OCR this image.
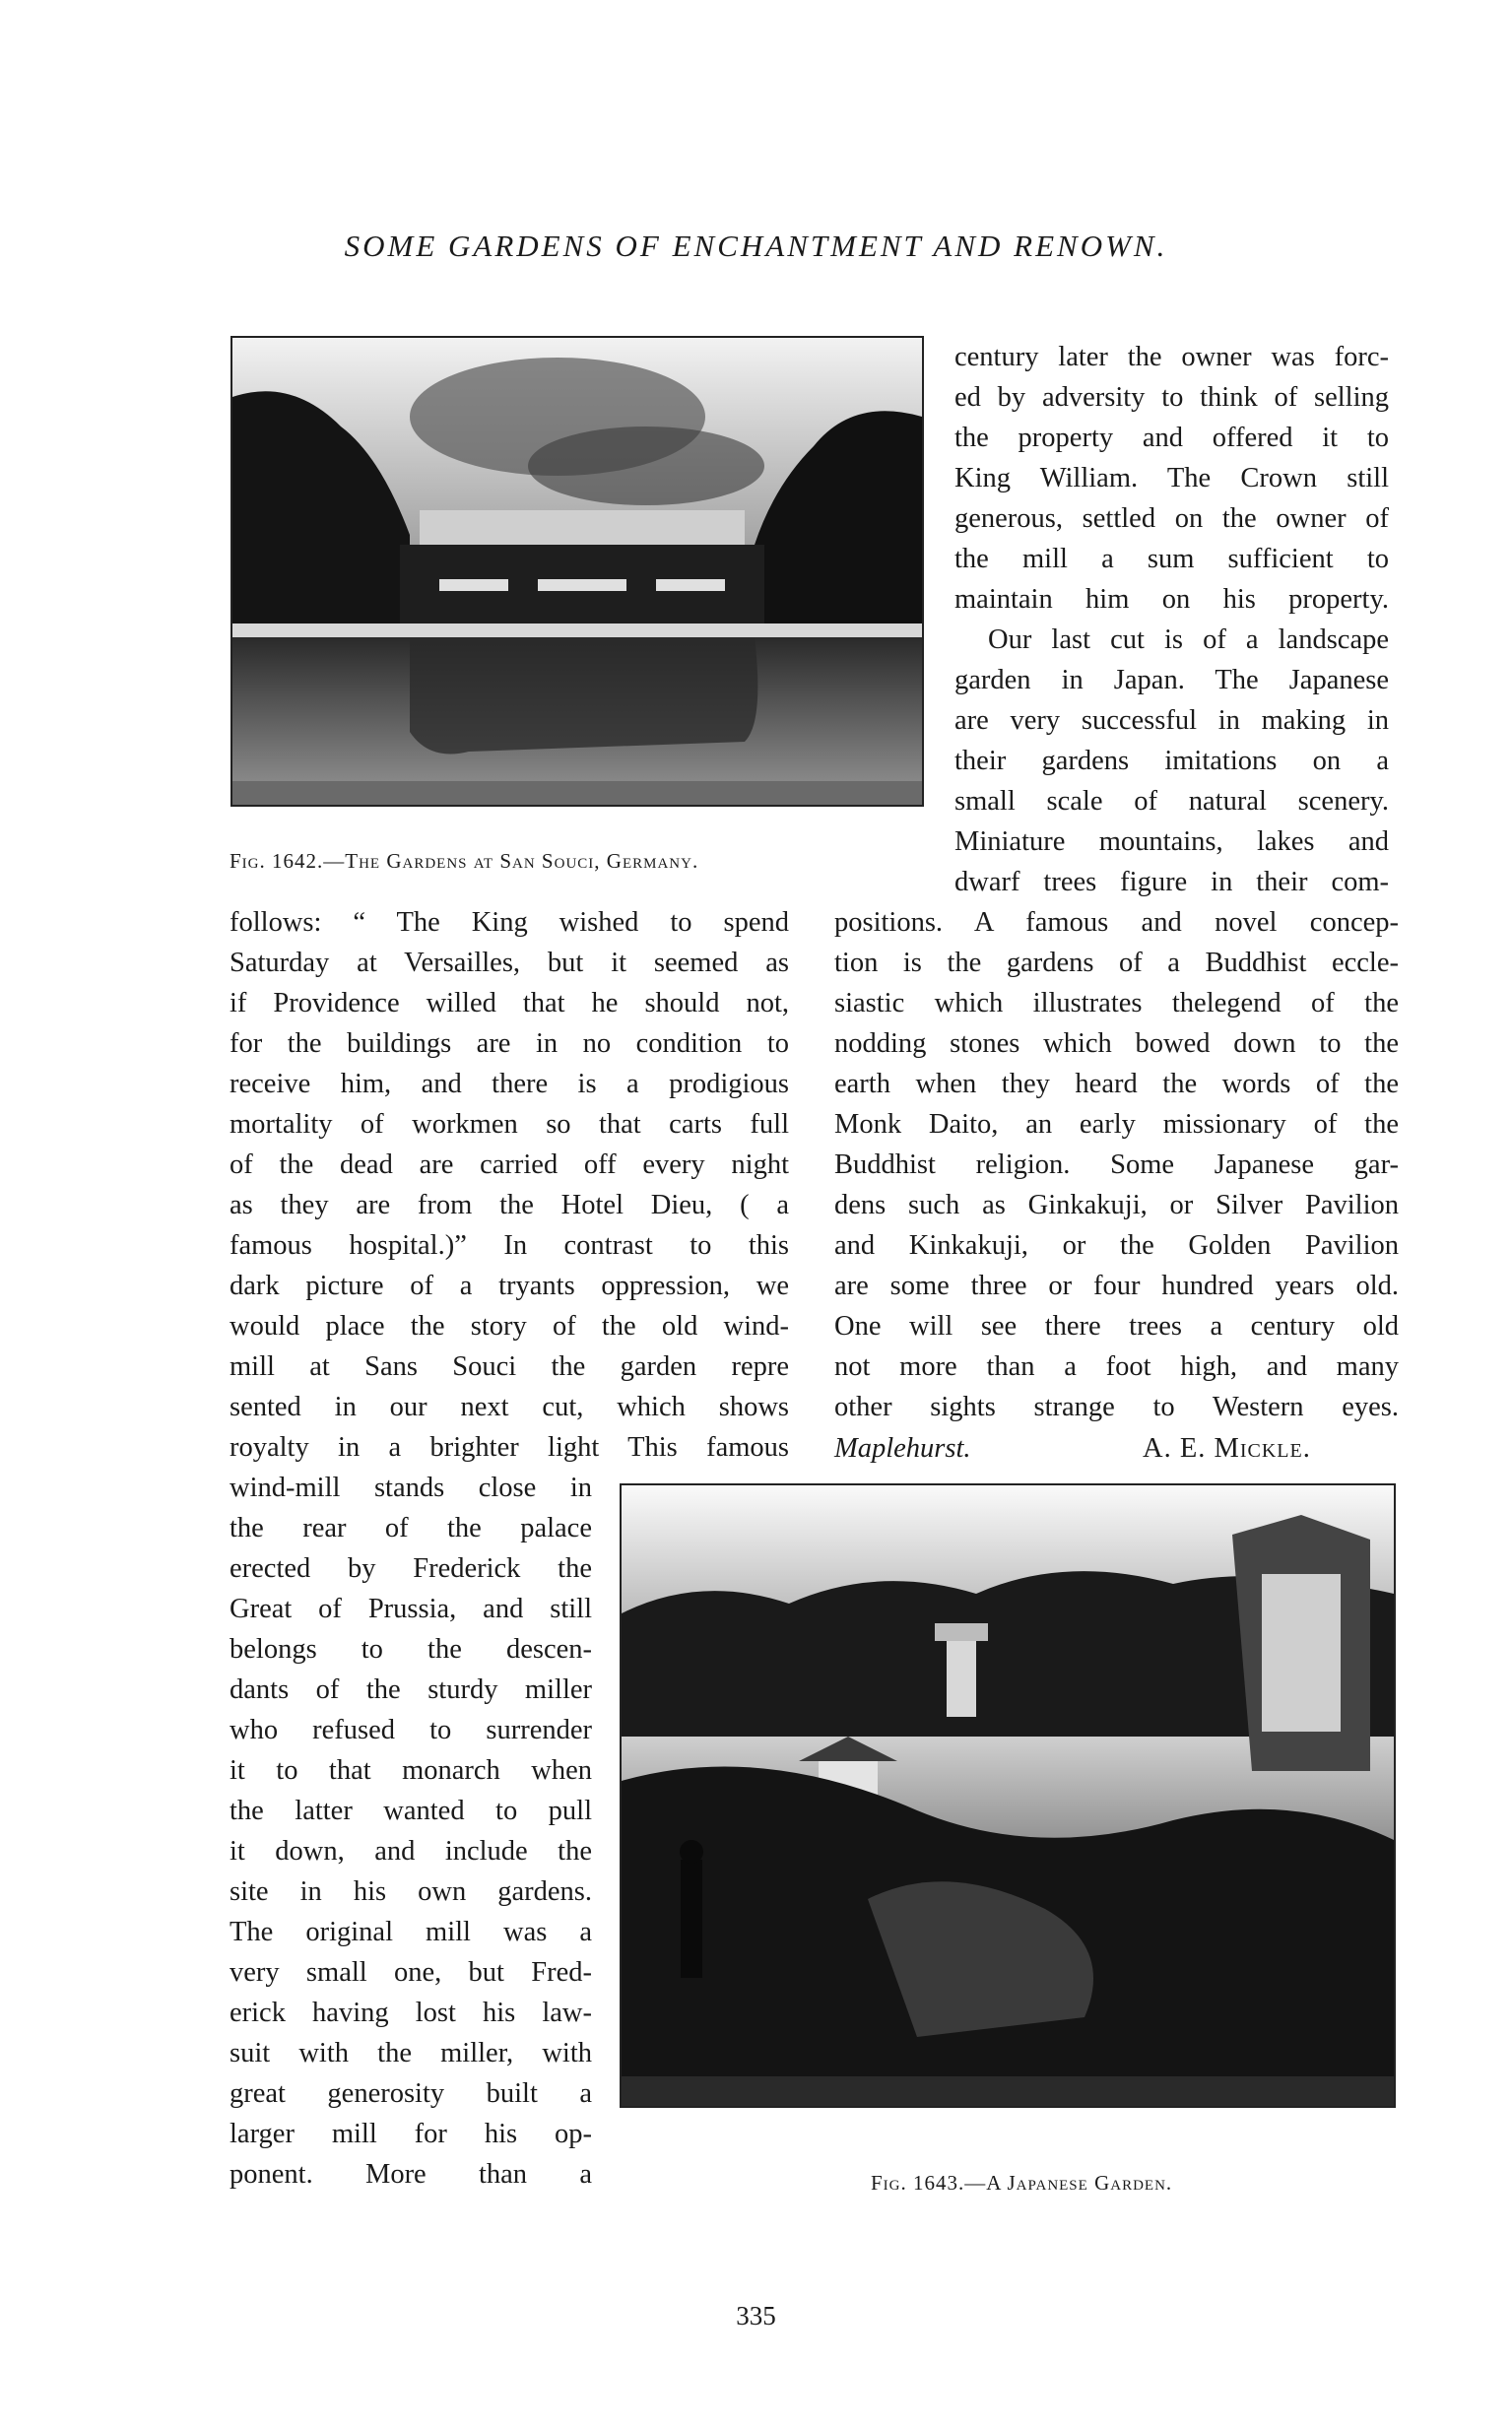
SOME GARDENS OF ENCHANTMENT AND RENOWN.
Fig. 1642.—The Gardens at San Souci, Germany.
century later the owner was forc-
ed by adversity to think of selling
the property and offered it to
King William. The Crown still
generous, settled on the owner of
the mill a sum sufficient to
maintain him on his property.
Our last cut is of a landscape
garden in Japan. The Japanese
are very successful in making in
their gardens imitations on a
small scale of natural scenery.
Miniature mountains, lakes and
dwarf trees figure in their com-
follows: “ The King wished to spend
Saturday at Versailles, but it seemed as
if Providence willed that he should not,
for the buildings are in no condition to
receive him, and there is a prodigious
mortality of workmen so that carts full
of the dead are carried off every night
as they are from the Hotel Dieu, ( a
famous hospital.)” In contrast to this
dark picture of a tryants oppression, we
would place the story of the old wind-
mill at Sans Souci the garden repre
sented in our next cut, which shows
royalty in a brighter light This famous
positions. A famous and novel concep-
tion is the gardens of a Buddhist eccle-
siastic which illustrates thelegend of the
nodding stones which bowed down to the
earth when they heard the words of the
Monk Daito, an early missionary of the
Buddhist religion. Some Japanese gar-
dens such as Ginkakuji, or Silver Pavilion
and Kinkakuji, or the Golden Pavilion
are some three or four hundred years old.
One will see there trees a century old
not more than a foot high, and many
other sights strange to Western eyes.
Maplehurst.	A. E. Mickle.
wind-mill stands close in
the rear of the palace
erected by Frederick the
Great of Prussia, and still
belongs to the descen-
dants of the sturdy miller
who refused to surrender
it to that monarch when
the latter wanted to pull
it down, and include the
site in his own gardens.
The original mill was a
very small one, but Fred-
erick having lost his law-
suit with the miller, with
great generosity built a
larger mill for his op-
ponent. More than a	Fig. 1643.—A Japanese Garden.
335
